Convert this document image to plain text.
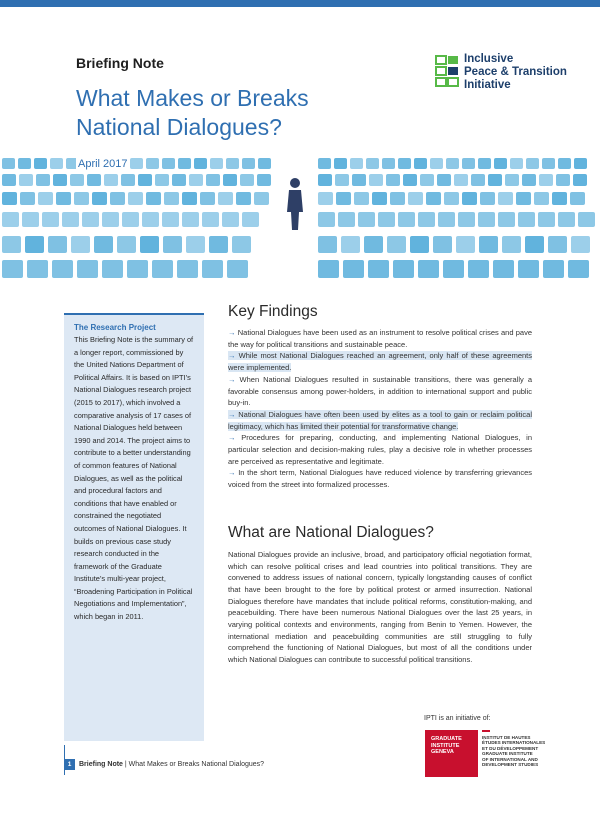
Briefing Note
What Makes or Breaks
National Dialogues?
Inclusive
Peace & Transition
Initiative
April 2017
The Research Project
This Briefing Note is the summary of a longer report, commissioned by the United Nations Department of Political Affairs. It is based on IPTI’s National Dialogues research project (2015 to 2017), which involved a comparative analysis of 17 cases of National Dialogues held between 1990 and 2014. The project aims to contribute to a better understanding of common features of National Dialogues, as well as the political and procedural factors and conditions that have enabled or constrained the negotiated outcomes of National Dialogues. It builds on previous case study research conducted in the framework of the Graduate Institute’s multi-year project, “Broadening Participation in Political Negotiations and Implementation”, which began in 2011.
Key Findings

→ National Dialogues have been used as an instrument to resolve political crises and pave the way for political transitions and sustainable peace.

→ While most National Dialogues reached an agreement, only half of these agreements were implemented.

→ When National Dialogues resulted in sustainable transitions, there was generally a favorable consensus among power-holders, in addition to international support and public buy-in.

→ National Dialogues have often been used by elites as a tool to gain or reclaim political legitimacy, which has limited their potential for transformative change.

→ Procedures for preparing, conducting, and implementing National Dialogues, in particular selection and decision-making rules, play a decisive role in whether processes are perceived as representative and legitimate.

→ In the short term, National Dialogues have reduced violence by transferring grievances voiced from the street into formalized processes.

What are National Dialogues?
National Dialogues provide an inclusive, broad, and participatory official negotiation format, which can resolve political crises and lead countries into political transitions. They are convened to address issues of national concern, typically longstanding causes of conflict that have been brought to the fore by political protest or armed insurrection. National Dialogues therefore have mandates that include political reforms, constitution-making, and peacebuilding. There have been numerous National Dialogues over the last 25 years, in varying political contexts and environments, ranging from Benin to Yemen. However, the international mediation and peacebuilding communities are still struggling to fully comprehend the functioning of National Dialogues, but most of all the conditions under which National Dialogues can contribute to successful political transitions.
IPTI is an initiative of:
GRADUATE
INSTITUTE
GENEVA
INSTITUT DE HAUTES
ÉTUDES INTERNATIONALES
ET DU DÉVELOPPEMENT
GRADUATE INSTITUTE
OF INTERNATIONAL AND
DEVELOPMENT STUDIES
1 Briefing Note | What Makes or Breaks National Dialogues?
